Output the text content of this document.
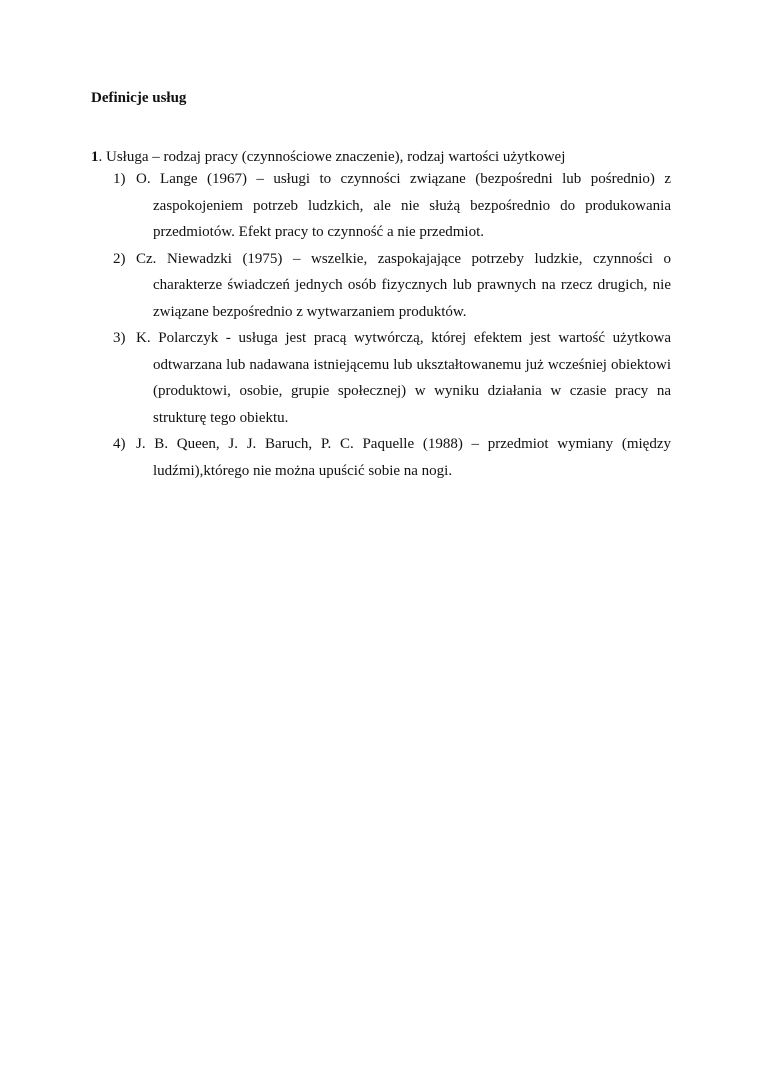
Definicje usług

1. Usługa – rodzaj pracy (czynnościowe znaczenie), rodzaj wartości użytkowej

1) O. Lange (1967) – usługi to czynności związane (bezpośredni lub pośrednio) z zaspokojeniem potrzeb ludzkich, ale nie służą bezpośrednio do produkowania przedmiotów. Efekt pracy to czynność a nie przedmiot.
2) Cz. Niewadzki (1975) – wszelkie, zaspokajające potrzeby ludzkie, czynności o charakterze świadczeń jednych osób fizycznych lub prawnych na rzecz drugich, nie związane bezpośrednio z wytwarzaniem produktów.
3) K. Polarczyk - usługa jest pracą wytwórczą, której efektem jest wartość użytkowa odtwarzana lub nadawana istniejącemu lub ukształtowanemu już wcześniej obiektowi (produktowi, osobie, grupie społecznej) w wyniku działania w czasie pracy na strukturę tego obiektu.
4) J. B. Queen, J. J. Baruch, P. C. Paquelle (1988) – przedmiot wymiany (między ludźmi),którego nie można upuścić sobie na nogi.
